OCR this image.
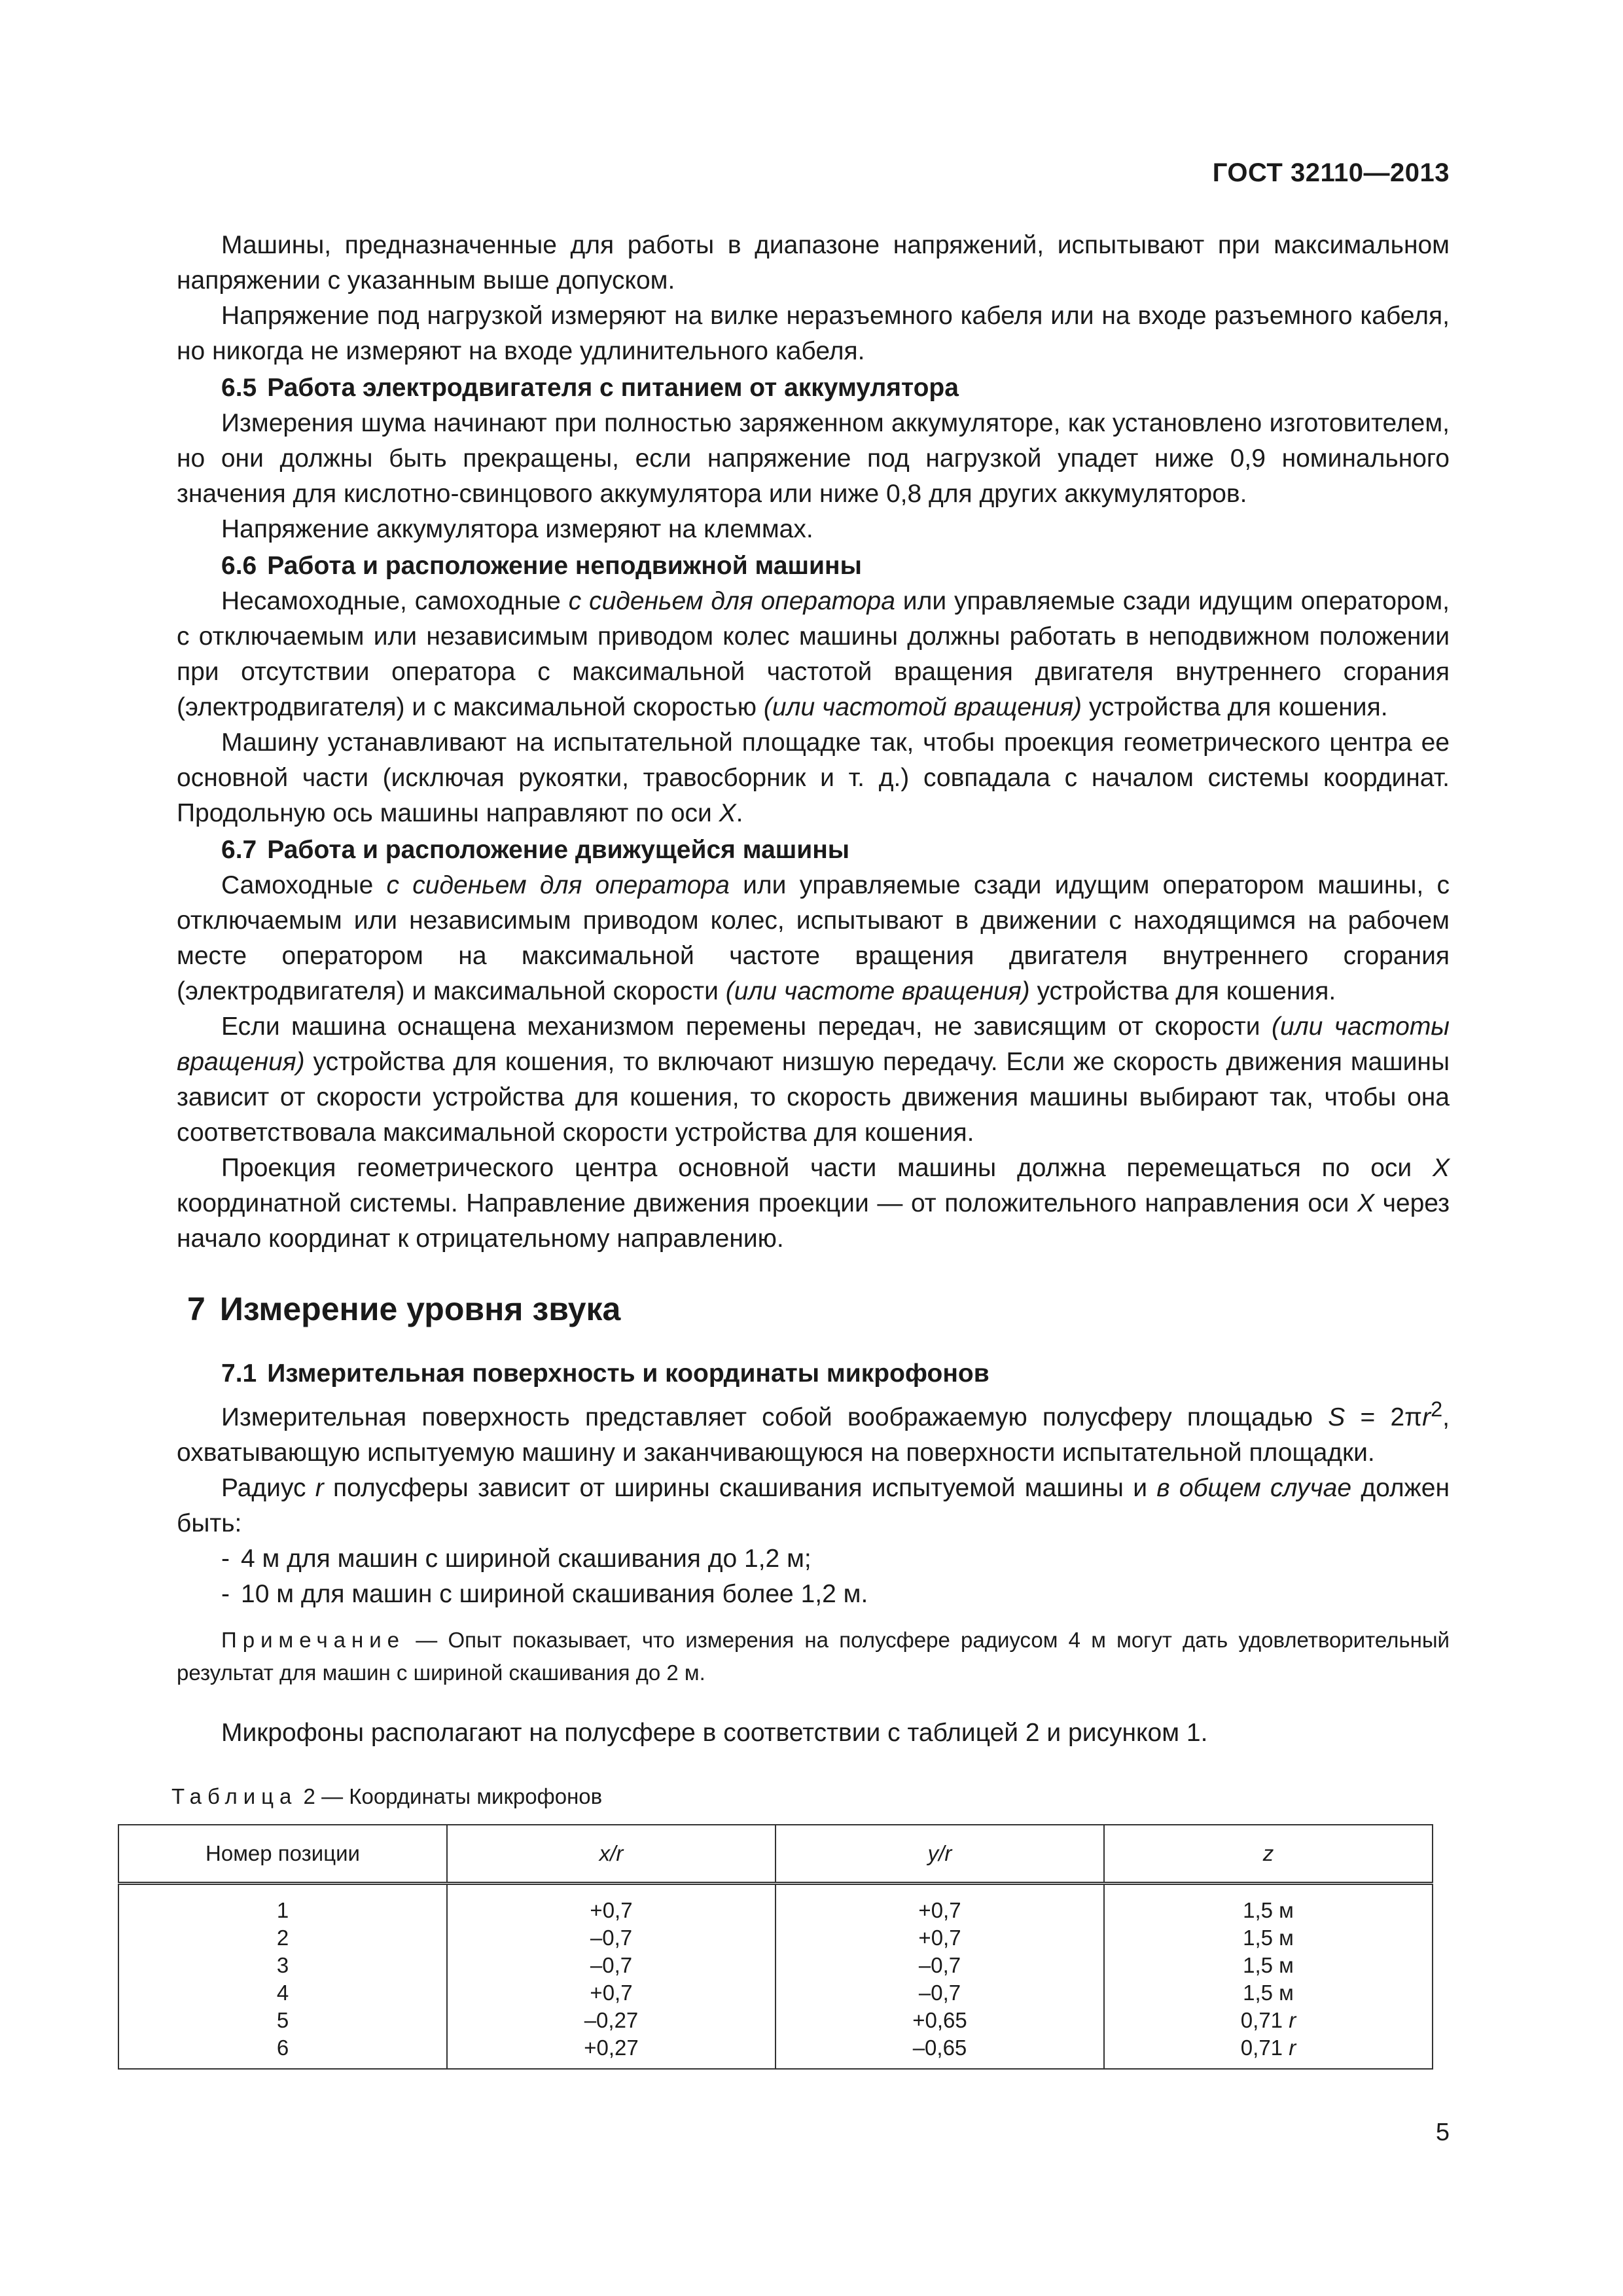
ГОСТ 32110—2013

Машины, предназначенные для работы в диапазоне напряжений, испытывают при максимальном напряжении с указанным выше допуском.

Напряжение под нагрузкой измеряют на вилке неразъемного кабеля или на входе разъемного кабеля, но никогда не измеряют на входе удлинительного кабеля.

6.5 Работа электродвигателя с питанием от аккумулятора

Измерения шума начинают при полностью заряженном аккумуляторе, как установлено изготовителем, но они должны быть прекращены, если напряжение под нагрузкой упадет ниже 0,9 номинального значения для кислотно-свинцового аккумулятора или ниже 0,8 для других аккумуляторов.

Напряжение аккумулятора измеряют на клеммах.

6.6 Работа и расположение неподвижной машины

Несамоходные, самоходные с сиденьем для оператора или управляемые сзади идущим оператором, с отключаемым или независимым приводом колес машины должны работать в неподвижном положении при отсутствии оператора с максимальной частотой вращения двигателя внутреннего сгорания (электродвигателя) и с максимальной скоростью (или частотой вращения) устройства для кошения.

Машину устанавливают на испытательной площадке так, чтобы проекция геометрического центра ее основной части (исключая рукоятки, травосборник и т. д.) совпадала с началом системы координат. Продольную ось машины направляют по оси X.

6.7 Работа и расположение движущейся машины

Самоходные с сиденьем для оператора или управляемые сзади идущим оператором машины, с отключаемым или независимым приводом колес, испытывают в движении с находящимся на рабочем месте оператором на максимальной частоте вращения двигателя внутреннего сгорания (электродвигателя) и максимальной скорости (или частоте вращения) устройства для кошения.

Если машина оснащена механизмом перемены передач, не зависящим от скорости (или частоты вращения) устройства для кошения, то включают низшую передачу. Если же скорость движения машины зависит от скорости устройства для кошения, то скорость движения машины выбирают так, чтобы она соответствовала максимальной скорости устройства для кошения.

Проекция геометрического центра основной части машины должна перемещаться по оси X координатной системы. Направление движения проекции — от положительного направления оси X через начало координат к отрицательному направлению.

7 Измерение уровня звука
7.1 Измерительная поверхность и координаты микрофонов

Измерительная поверхность представляет собой воображаемую полусферу площадью $S = 2\pi r^2$, охватывающую испытуемую машину и заканчивающуюся на поверхности испытательной площадки.

Радиус r полусферы зависит от ширины скашивания испытуемой машины и в общем случае должен быть:

- 4 м для машин с шириной скашивания до 1,2 м;
- 10 м для машин с шириной скашивания более 1,2 м.

Примечание — Опыт показывает, что измерения на полусфере радиусом 4 м могут дать удовлетворительный результат для машин с шириной скашивания до 2 м.

Микрофоны располагают на полусфере в соответствии с таблицей 2 и рисунком 1.

Таблица 2 — Координаты микрофонов
Номер позиции	x/r	y/r	z
1	+0,7	+0,7	1,5 м
2	–0,7	+0,7	1,5 м
3	–0,7	–0,7	1,5 м
4	+0,7	–0,7	1,5 м
5	–0,27	+0,65	0,71 r
6	+0,27	–0,65	0,71 r
5
